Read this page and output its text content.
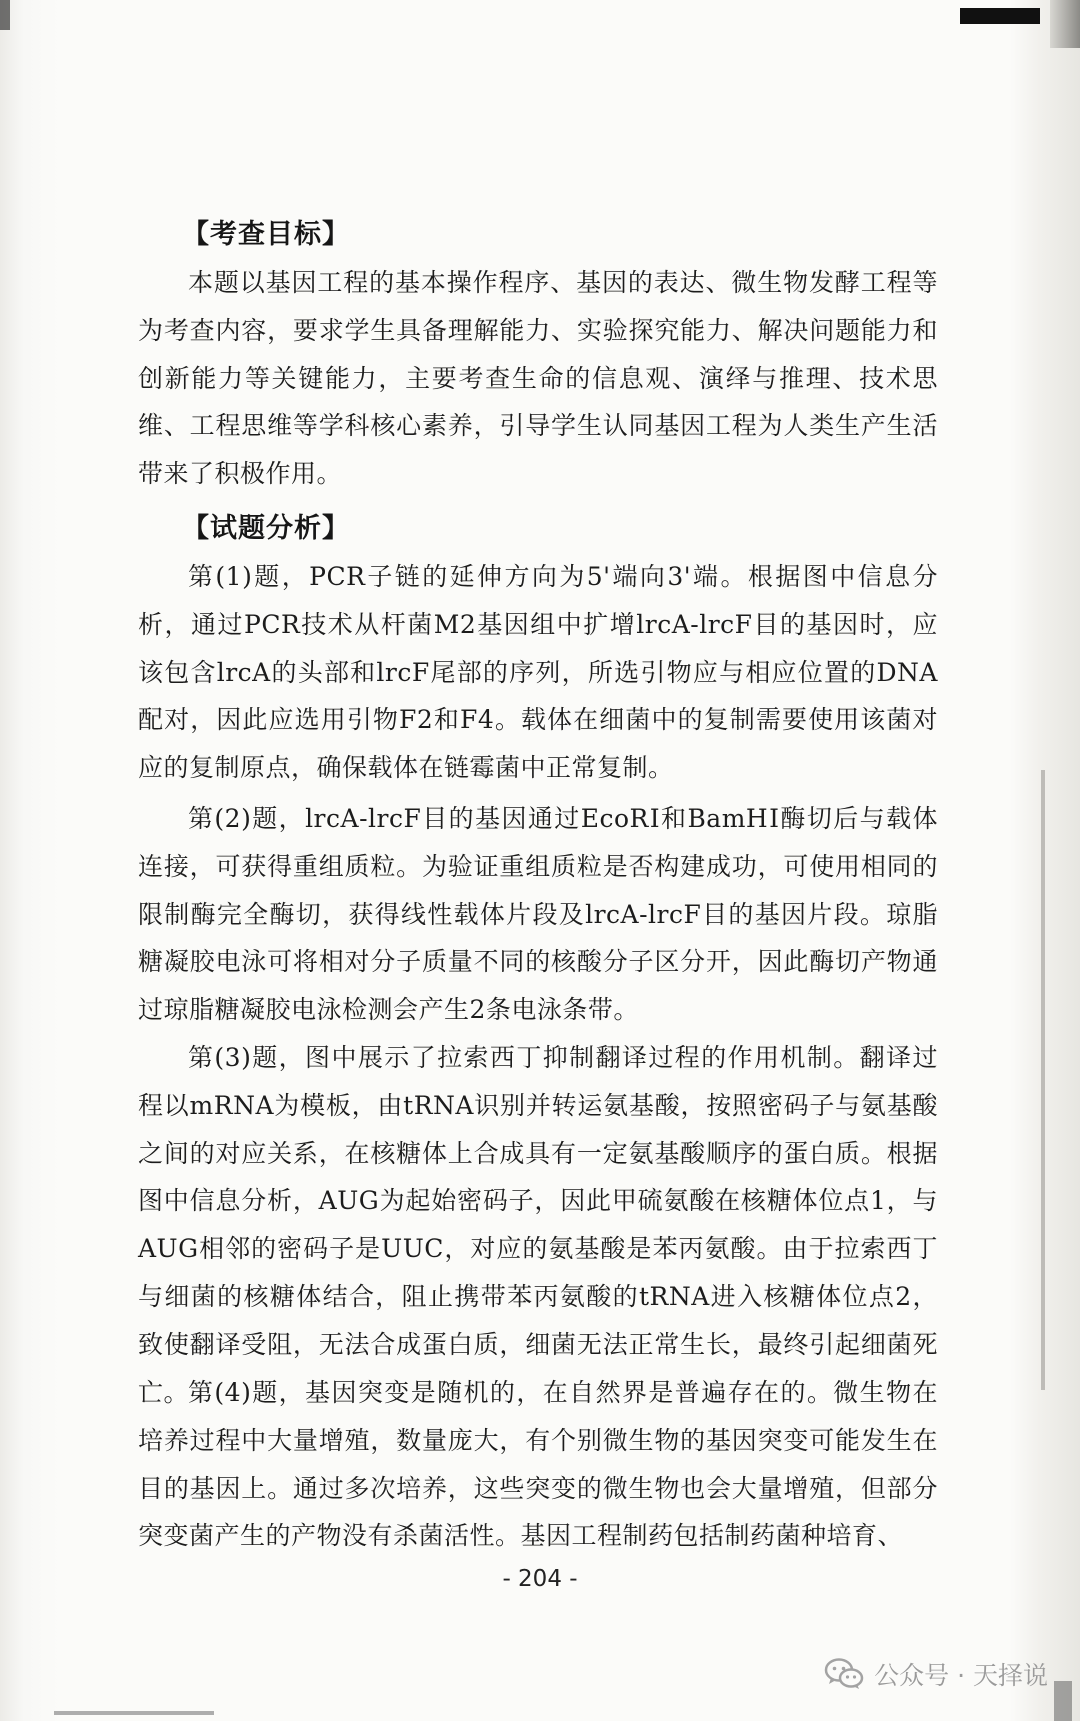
【考查目标】
本题以基因工程的基本操作程序、基因的表达、微生物发酵工程等为考查内容，要求学生具备理解能力、实验探究能力、解决问题能力和创新能力等关键能力，主要考查生命的信息观、演绎与推理、技术思维、工程思维等学科核心素养，引导学生认同基因工程为人类生产生活带来了积极作用。
【试题分析】
第(1)题，PCR子链的延伸方向为5'端向3'端。根据图中信息分析，通过PCR技术从杆菌M2基因组中扩增lrcA-lrcF目的基因时，应该包含lrcA的头部和lrcF尾部的序列，所选引物应与相应位置的DNA配对，因此应选用引物F2和F4。载体在细菌中的复制需要使用该菌对应的复制原点，确保载体在链霉菌中正常复制。
第(2)题，lrcA-lrcF目的基因通过EcoRⅠ和BamHⅠ酶切后与载体连接，可获得重组质粒。为验证重组质粒是否构建成功，可使用相同的限制酶完全酶切，获得线性载体片段及lrcA-lrcF目的基因片段。琼脂糖凝胶电泳可将相对分子质量不同的核酸分子区分开，因此酶切产物通过琼脂糖凝胶电泳检测会产生2条电泳条带。
第(3)题，图中展示了拉索西丁抑制翻译过程的作用机制。翻译过程以mRNA为模板，由tRNA识别并转运氨基酸，按照密码子与氨基酸之间的对应关系，在核糖体上合成具有一定氨基酸顺序的蛋白质。根据图中信息分析，AUG为起始密码子，因此甲硫氨酸在核糖体位点1，与AUG相邻的密码子是UUC，对应的氨基酸是苯丙氨酸。由于拉索西丁与细菌的核糖体结合，阻止携带苯丙氨酸的tRNA进入核糖体位点2，致使翻译受阻，无法合成蛋白质，细菌无法正常生长，最终引起细菌死亡。
第(4)题，基因突变是随机的，在自然界是普遍存在的。微生物在培养过程中大量增殖，数量庞大，有个别微生物的基因突变可能发生在目的基因上。通过多次培养，这些突变的微生物也会大量增殖，但部分突变菌产生的产物没有杀菌活性。基因工程制药包括制药菌种培育、
- 204 -
公众号 · 天择说
